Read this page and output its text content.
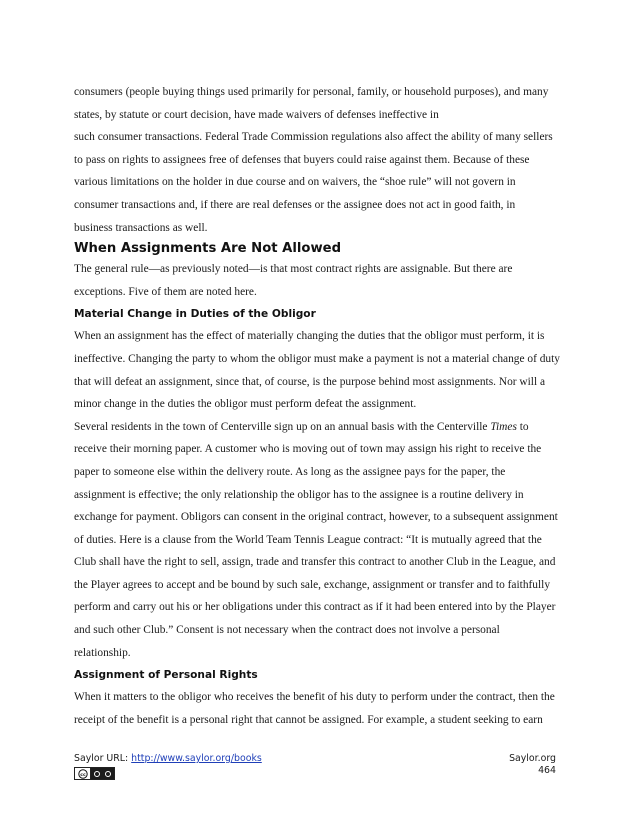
consumers (people buying things used primarily for personal, family, or household purposes), and many

states, by statute or court decision, have made waivers of defenses ineffective in

such consumer transactions. Federal Trade Commission regulations also affect the ability of many sellers

to pass on rights to assignees free of defenses that buyers could raise against them. Because of these

various limitations on the holder in due course and on waivers, the “shoe rule” will not govern in

consumer transactions and, if there are real defenses or the assignee does not act in good faith, in

business transactions as well.

When Assignments Are Not Allowed

The general rule—as previously noted—is that most contract rights are assignable. But there are

exceptions. Five of them are noted here.

Material Change in Duties of the Obligor

When an assignment has the effect of materially changing the duties that the obligor must perform, it is

ineffective. Changing the party to whom the obligor must make a payment is not a material change of duty

that will defeat an assignment, since that, of course, is the purpose behind most assignments. Nor will a

minor change in the duties the obligor must perform defeat the assignment.

Several residents in the town of Centerville sign up on an annual basis with the Centerville Times to

receive their morning paper. A customer who is moving out of town may assign his right to receive the

paper to someone else within the delivery route. As long as the assignee pays for the paper, the

assignment is effective; the only relationship the obligor has to the assignee is a routine delivery in

exchange for payment. Obligors can consent in the original contract, however, to a subsequent assignment

of duties. Here is a clause from the World Team Tennis League contract: “It is mutually agreed that the

Club shall have the right to sell, assign, trade and transfer this contract to another Club in the League, and

the Player agrees to accept and be bound by such sale, exchange, assignment or transfer and to faithfully

perform and carry out his or her obligations under this contract as if it had been entered into by the Player

and such other Club.” Consent is not necessary when the contract does not involve a personal

relationship.

Assignment of Personal Rights

When it matters to the obligor who receives the benefit of his duty to perform under the contract, then the

receipt of the benefit is a personal right that cannot be assigned. For example, a student seeking to earn

Saylor URL: http://www.saylor.org/books
cc
Saylor.org
464
